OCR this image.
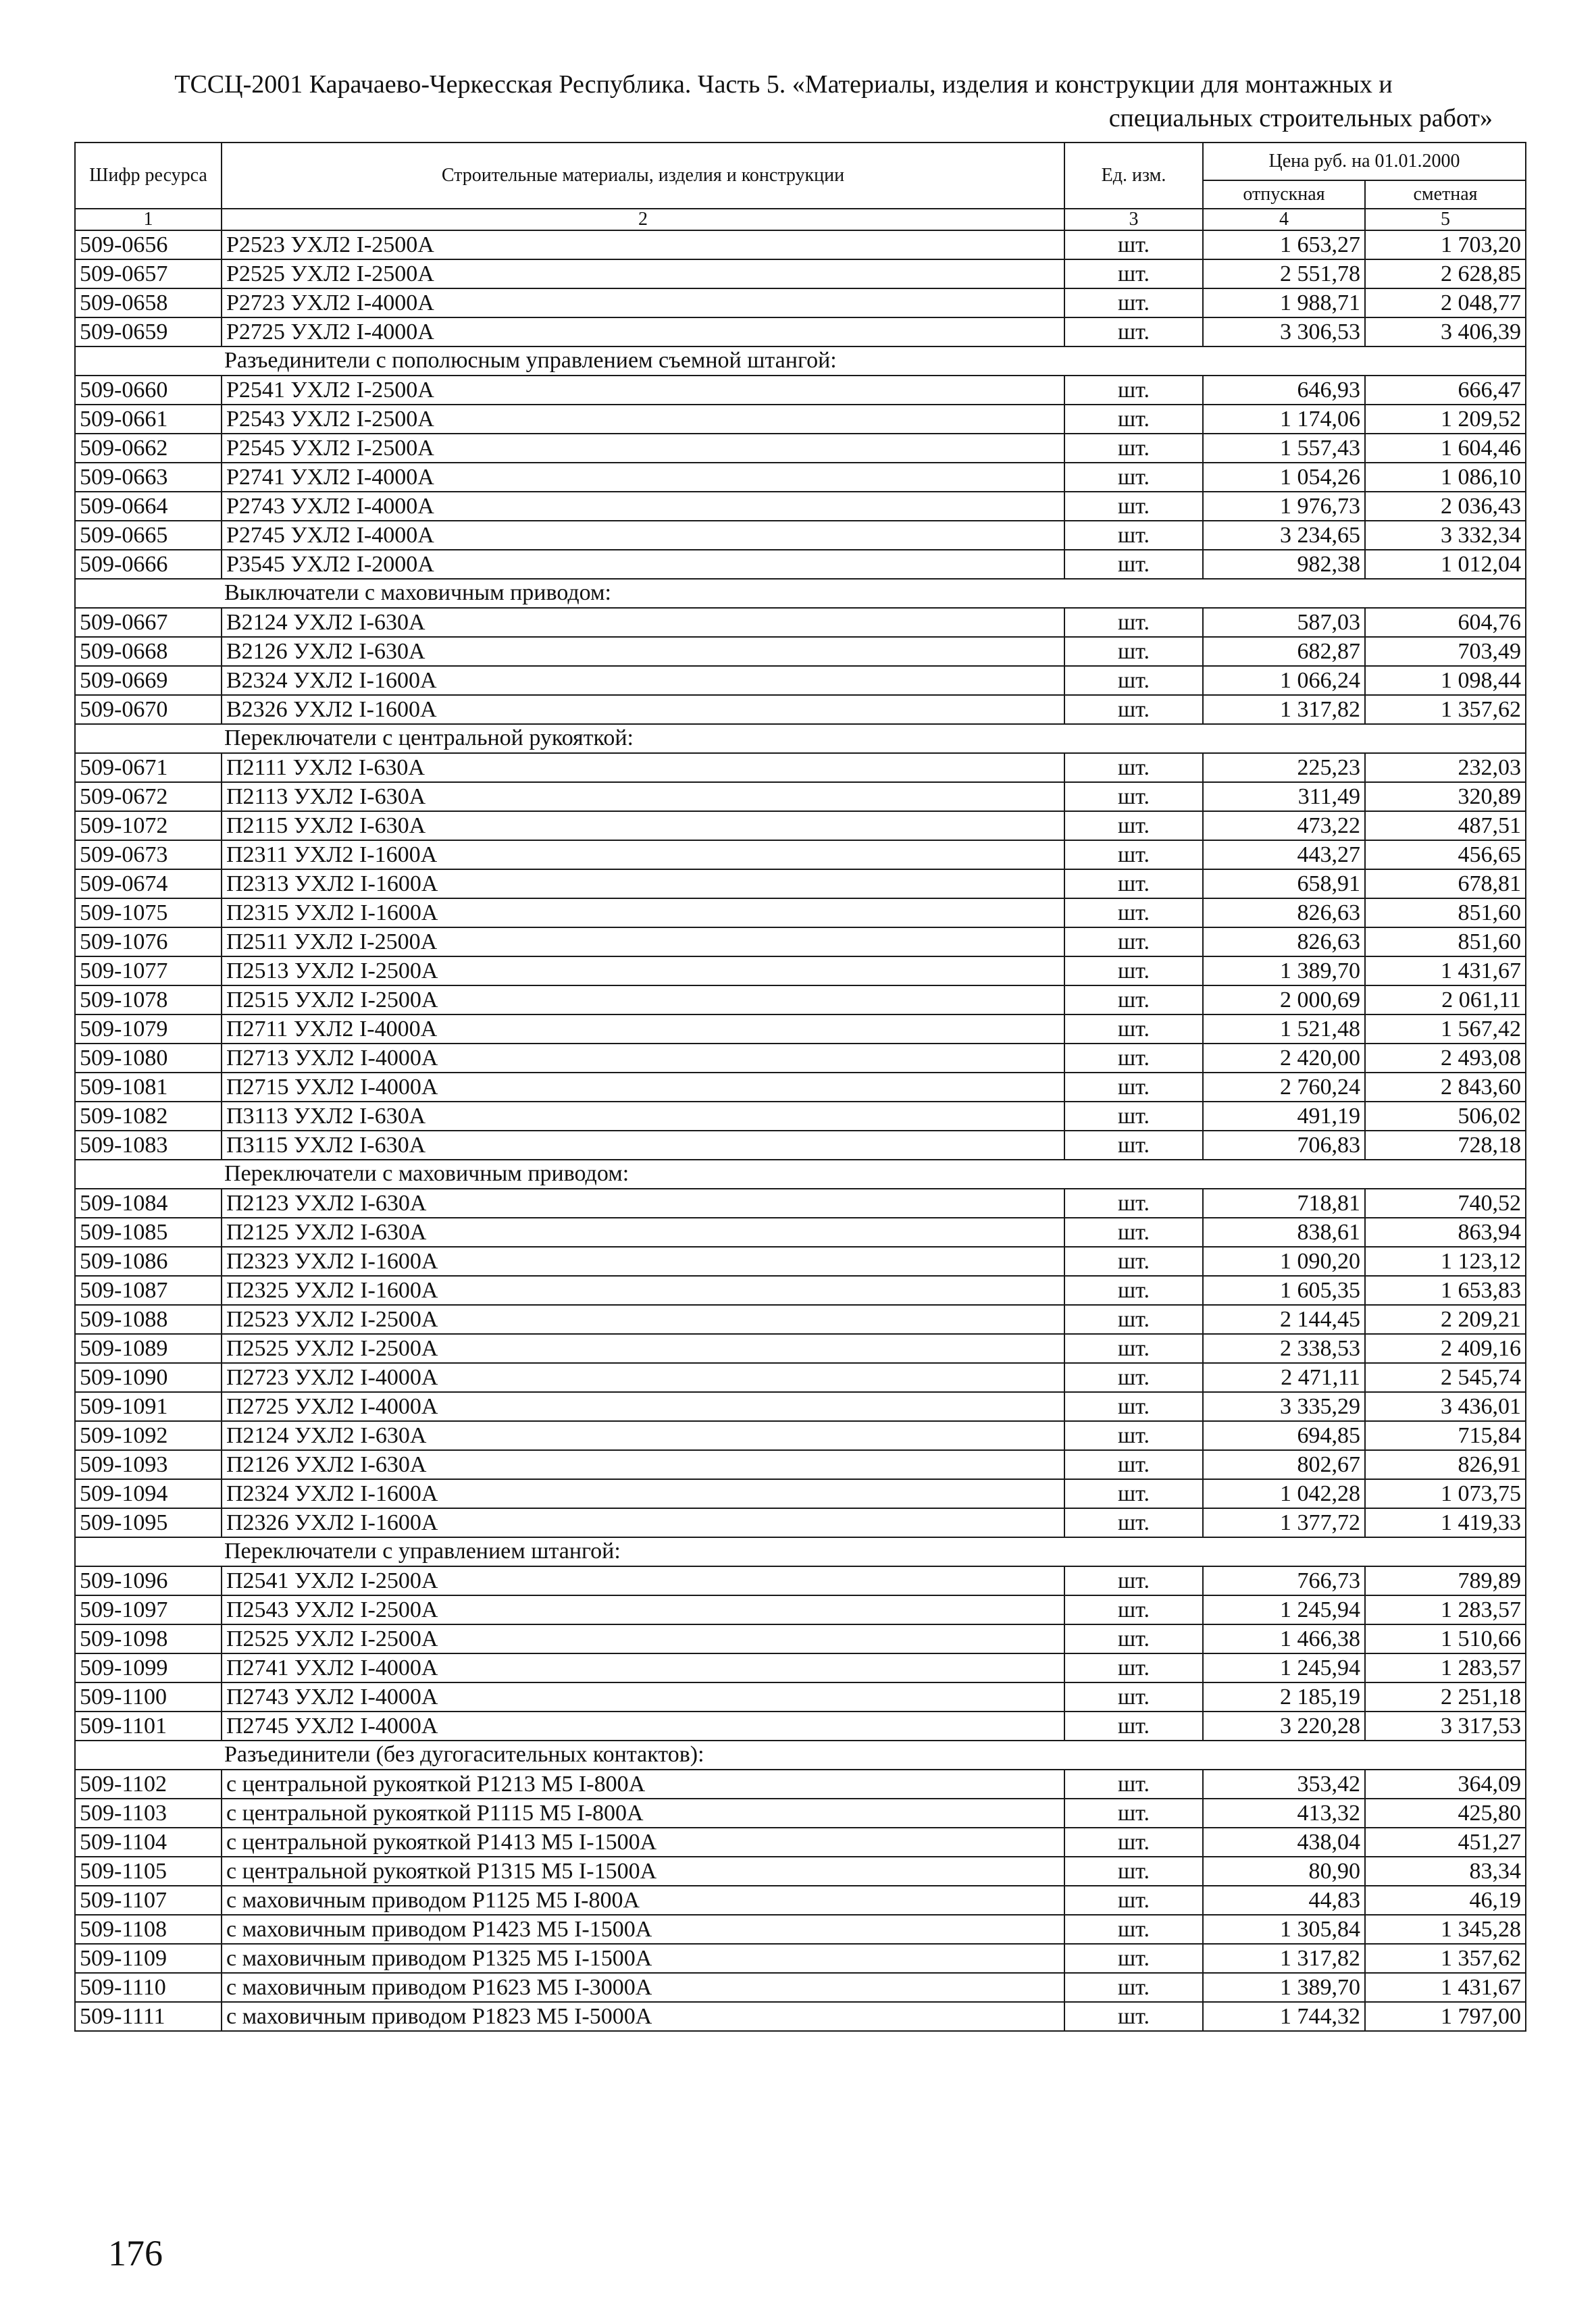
ТССЦ-2001 Карачаево-Черкесская Республика. Часть 5. «Материалы, изделия и конструкции для монтажных и
специальных строительных работ»
Шифр ресурса	Строительные материалы, изделия и конструкции	Ед. изм.	Цена руб. на 01.01.2000	
			отпускная	сметная
1	2	3	4	5
509-0656	Р2523 УХЛ2 I-2500А	шт.	1 653,27	1 703,20
509-0657	Р2525 УХЛ2 I-2500А	шт.	2 551,78	2 628,85
509-0658	Р2723 УХЛ2 I-4000А	шт.	1 988,71	2 048,77
509-0659	Р2725 УХЛ2 I-4000А	шт.	3 306,53	3 406,39
Разъединители с пополюсным управлением съемной штангой:				
509-0660	Р2541 УХЛ2 I-2500А	шт.	646,93	666,47
509-0661	Р2543 УХЛ2 I-2500А	шт.	1 174,06	1 209,52
509-0662	Р2545 УХЛ2 I-2500А	шт.	1 557,43	1 604,46
509-0663	Р2741 УХЛ2 I-4000А	шт.	1 054,26	1 086,10
509-0664	Р2743 УХЛ2 I-4000А	шт.	1 976,73	2 036,43
509-0665	Р2745 УХЛ2 I-4000А	шт.	3 234,65	3 332,34
509-0666	Р3545 УХЛ2 I-2000А	шт.	982,38	1 012,04
Выключатели с маховичным приводом:				
509-0667	В2124 УХЛ2 I-630А	шт.	587,03	604,76
509-0668	В2126 УХЛ2 I-630А	шт.	682,87	703,49
509-0669	В2324 УХЛ2 I-1600А	шт.	1 066,24	1 098,44
509-0670	В2326 УХЛ2 I-1600А	шт.	1 317,82	1 357,62
Переключатели с центральной рукояткой:				
509-0671	П2111 УХЛ2 I-630А	шт.	225,23	232,03
509-0672	П2113 УХЛ2 I-630А	шт.	311,49	320,89
509-1072	П2115 УХЛ2 I-630А	шт.	473,22	487,51
509-0673	П2311 УХЛ2 I-1600А	шт.	443,27	456,65
509-0674	П2313 УХЛ2 I-1600А	шт.	658,91	678,81
509-1075	П2315 УХЛ2 I-1600А	шт.	826,63	851,60
509-1076	П2511 УХЛ2 I-2500А	шт.	826,63	851,60
509-1077	П2513 УХЛ2 I-2500А	шт.	1 389,70	1 431,67
509-1078	П2515 УХЛ2 I-2500А	шт.	2 000,69	2 061,11
509-1079	П2711 УХЛ2 I-4000А	шт.	1 521,48	1 567,42
509-1080	П2713 УХЛ2 I-4000А	шт.	2 420,00	2 493,08
509-1081	П2715 УХЛ2 I-4000А	шт.	2 760,24	2 843,60
509-1082	П3113 УХЛ2 I-630А	шт.	491,19	506,02
509-1083	П3115 УХЛ2 I-630А	шт.	706,83	728,18
Переключатели с маховичным приводом:				
509-1084	П2123 УХЛ2 I-630А	шт.	718,81	740,52
509-1085	П2125 УХЛ2 I-630А	шт.	838,61	863,94
509-1086	П2323 УХЛ2 I-1600А	шт.	1 090,20	1 123,12
509-1087	П2325 УХЛ2 I-1600А	шт.	1 605,35	1 653,83
509-1088	П2523 УХЛ2 I-2500А	шт.	2 144,45	2 209,21
509-1089	П2525 УХЛ2 I-2500А	шт.	2 338,53	2 409,16
509-1090	П2723 УХЛ2 I-4000А	шт.	2 471,11	2 545,74
509-1091	П2725 УХЛ2 I-4000А	шт.	3 335,29	3 436,01
509-1092	П2124 УХЛ2 I-630А	шт.	694,85	715,84
509-1093	П2126 УХЛ2 I-630А	шт.	802,67	826,91
509-1094	П2324 УХЛ2 I-1600А	шт.	1 042,28	1 073,75
509-1095	П2326 УХЛ2 I-1600А	шт.	1 377,72	1 419,33
Переключатели с управлением штангой:				
509-1096	П2541 УХЛ2 I-2500А	шт.	766,73	789,89
509-1097	П2543 УХЛ2 I-2500А	шт.	1 245,94	1 283,57
509-1098	П2525 УХЛ2 I-2500А	шт.	1 466,38	1 510,66
509-1099	П2741 УХЛ2 I-4000А	шт.	1 245,94	1 283,57
509-1100	П2743 УХЛ2 I-4000А	шт.	2 185,19	2 251,18
509-1101	П2745 УХЛ2 I-4000А	шт.	3 220,28	3 317,53
Разъединители (без дугогасительных контактов):				
509-1102	с центральной рукояткой Р1213 М5 I-800А	шт.	353,42	364,09
509-1103	с центральной рукояткой Р1115 М5 I-800А	шт.	413,32	425,80
509-1104	с центральной рукояткой Р1413 М5 I-1500А	шт.	438,04	451,27
509-1105	с центральной рукояткой Р1315 М5 I-1500А	шт.	80,90	83,34
509-1107	с маховичным приводом Р1125 М5 I-800А	шт.	44,83	46,19
509-1108	с маховичным приводом Р1423 М5 I-1500А	шт.	1 305,84	1 345,28
509-1109	с маховичным приводом Р1325 М5 I-1500А	шт.	1 317,82	1 357,62
509-1110	с маховичным приводом Р1623 М5 I-3000А	шт.	1 389,70	1 431,67
509-1111	с маховичным приводом Р1823 М5 I-5000А	шт.	1 744,32	1 797,00
176
